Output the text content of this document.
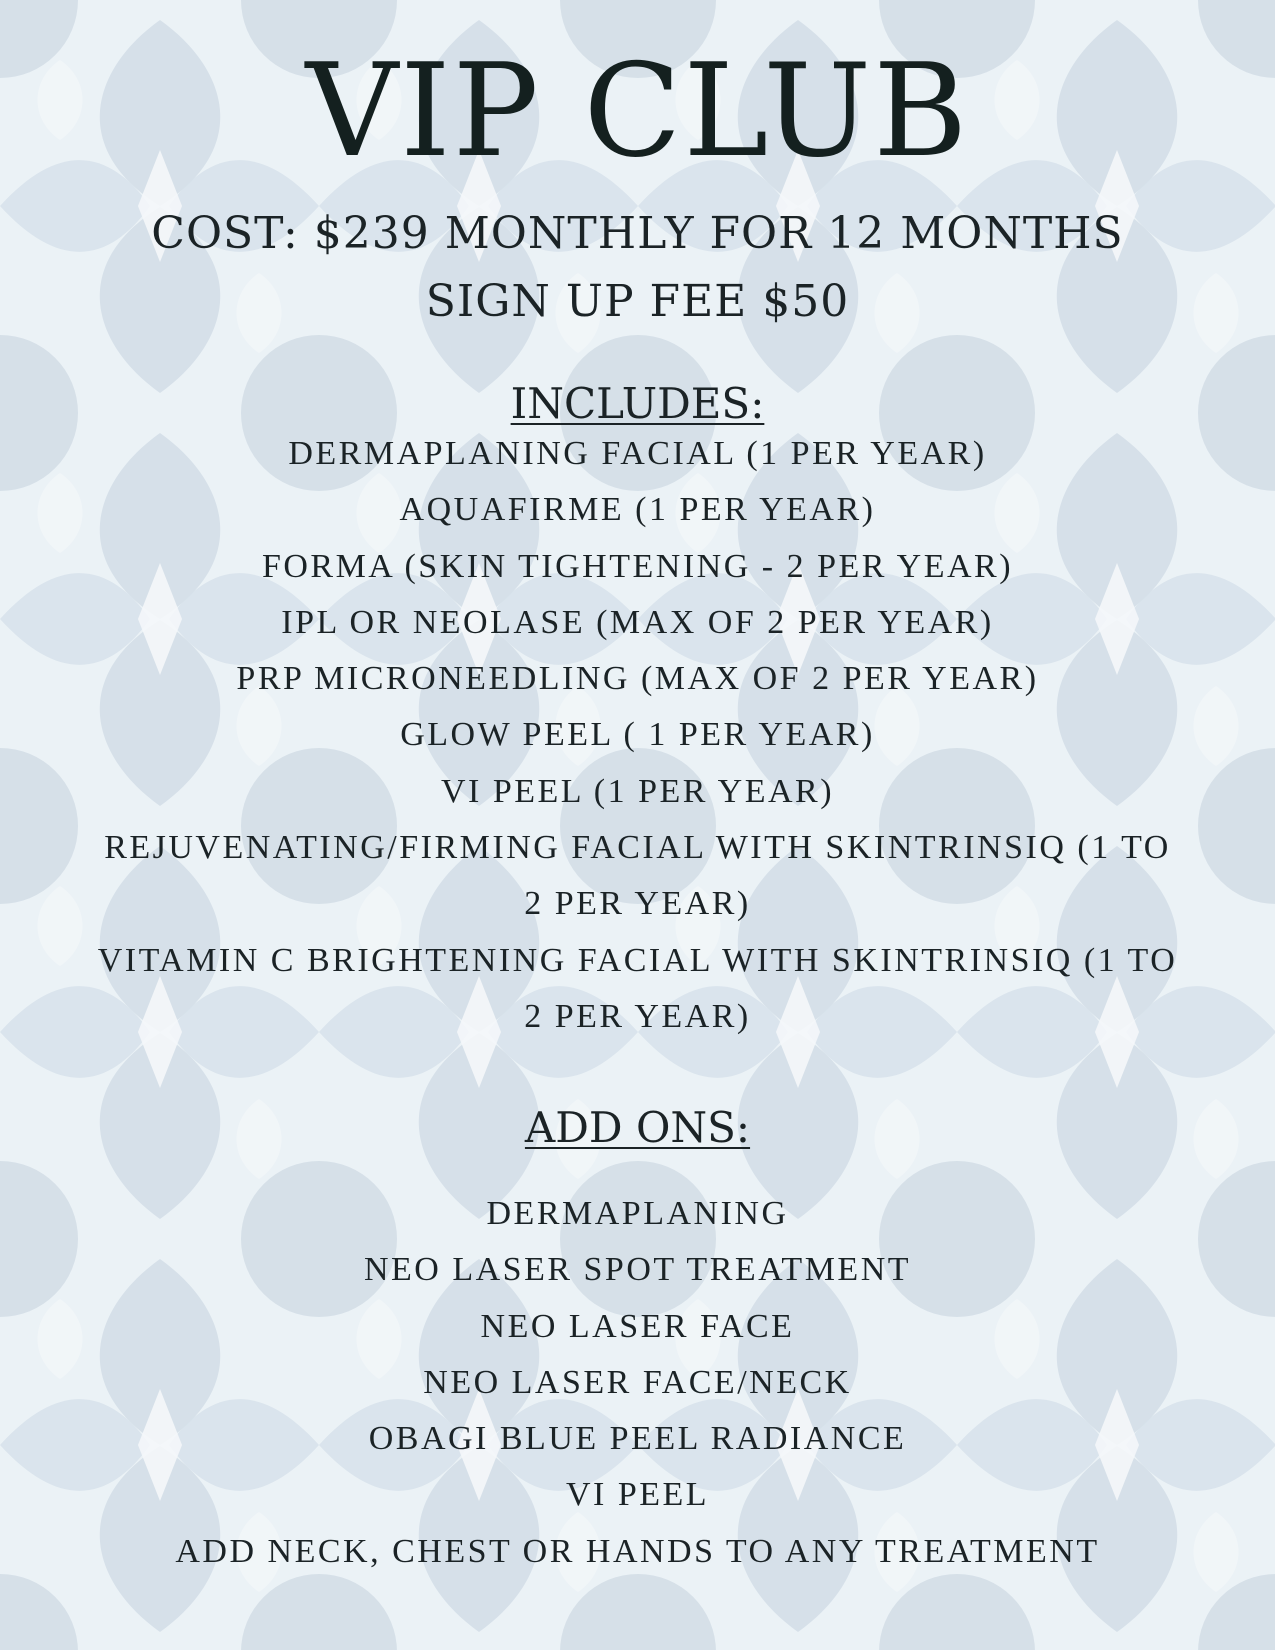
VIP CLUB
COST: $239 MONTHLY FOR 12 MONTHS
SIGN UP FEE $50
INCLUDES:
DERMAPLANING FACIAL (1 PER YEAR)
AQUAFIRME (1 PER YEAR)
FORMA (SKIN TIGHTENING - 2 PER YEAR)
IPL OR NEOLASE (MAX OF 2 PER YEAR)
PRP MICRONEEDLING (MAX OF 2 PER YEAR)
GLOW PEEL ( 1 PER YEAR)
VI PEEL (1 PER YEAR)
REJUVENATING/FIRMING FACIAL WITH SKINTRINSIQ (1 TO
2 PER YEAR)
VITAMIN C BRIGHTENING FACIAL WITH SKINTRINSIQ (1 TO
2 PER YEAR)
ADD ONS:
DERMAPLANING
NEO LASER SPOT TREATMENT
NEO LASER FACE
NEO LASER FACE/NECK
OBAGI BLUE PEEL RADIANCE
VI PEEL
ADD NECK, CHEST OR HANDS TO ANY TREATMENT
